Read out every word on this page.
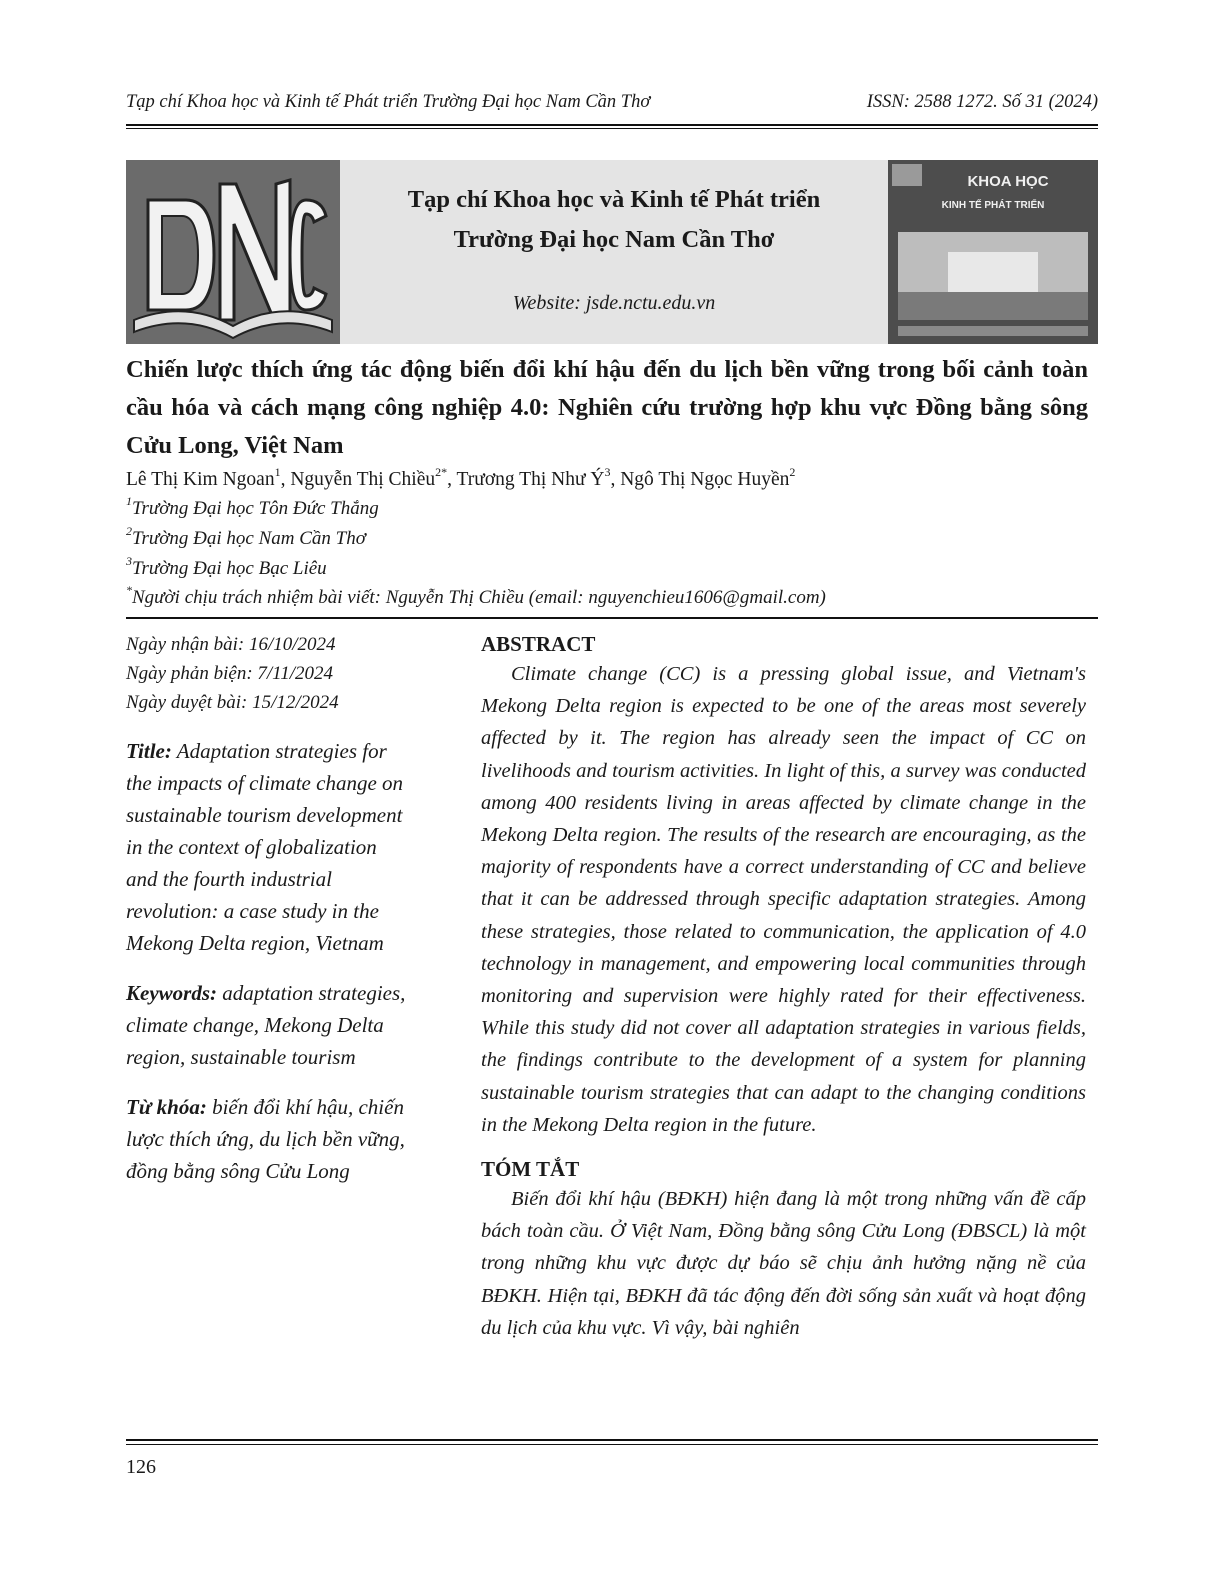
Tạp chí Khoa học và Kinh tế Phát triển Trường Đại học Nam Cần Thơ	ISSN: 2588 1272. Số 31 (2024)
Tạp chí Khoa học và Kinh tế Phát triển
Trường Đại học Nam Cần Thơ
Website: jsde.nctu.edu.vn
KHOA HỌC
KINH TẾ PHÁT TRIỂN
Chiến lược thích ứng tác động biến đổi khí hậu đến du lịch bền vững trong bối cảnh toàn cầu hóa và cách mạng công nghiệp 4.0: Nghiên cứu trường hợp khu vực Đồng bằng sông Cửu Long, Việt Nam
Lê Thị Kim Ngoan$^1$, Nguyễn Thị Chiều$^{2*}$, Trương Thị Như $Ý^3$, Ngô Thị Ngọc Huyền$^2$
$^1$Trường Đại học Tôn Đức Thắng
$^2$Trường Đại học Nam Cần Thơ
$^3$Trường Đại học Bạc Liêu
*Người chịu trách nhiệm bài viết: Nguyễn Thị Chiều (email: nguyenchieu1606@gmail.com)
Ngày nhận bài: 16/10/2024
Ngày phản biện: 7/11/2024
Ngày duyệt bài: 15/12/2024
Title: Adaptation strategies for the impacts of climate change on sustainable tourism development in the context of globalization and the fourth industrial revolution: a case study in the Mekong Delta region, Vietnam
Keywords: adaptation strategies, climate change, Mekong Delta region, sustainable tourism
Từ khóa: biến đổi khí hậu, chiến lược thích ứng, du lịch bền vững, đồng bằng sông Cửu Long
ABSTRACT

Climate change (CC) is a pressing global issue, and Vietnam's Mekong Delta region is expected to be one of the areas most severely affected by it. The region has already seen the impact of CC on livelihoods and tourism activities. In light of this, a survey was conducted among 400 residents living in areas affected by climate change in the Mekong Delta region. The results of the research are encouraging, as the majority of respondents have a correct understanding of CC and believe that it can be addressed through specific adaptation strategies. Among these strategies, those related to communication, the application of 4.0 technology in management, and empowering local communities through monitoring and supervision were highly rated for their effectiveness. While this study did not cover all adaptation strategies in various fields, the findings contribute to the development of a system for planning sustainable tourism strategies that can adapt to the changing conditions in the Mekong Delta region in the future.

TÓM TẮT

Biến đổi khí hậu (BĐKH) hiện đang là một trong những vấn đề cấp bách toàn cầu. Ở Việt Nam, Đồng bằng sông Cửu Long (ĐBSCL) là một trong những khu vực được dự báo sẽ chịu ảnh hưởng nặng nề của BĐKH. Hiện tại, BĐKH đã tác động đến đời sống sản xuất và hoạt động du lịch của khu vực. Vì vậy, bài nghiên

126
